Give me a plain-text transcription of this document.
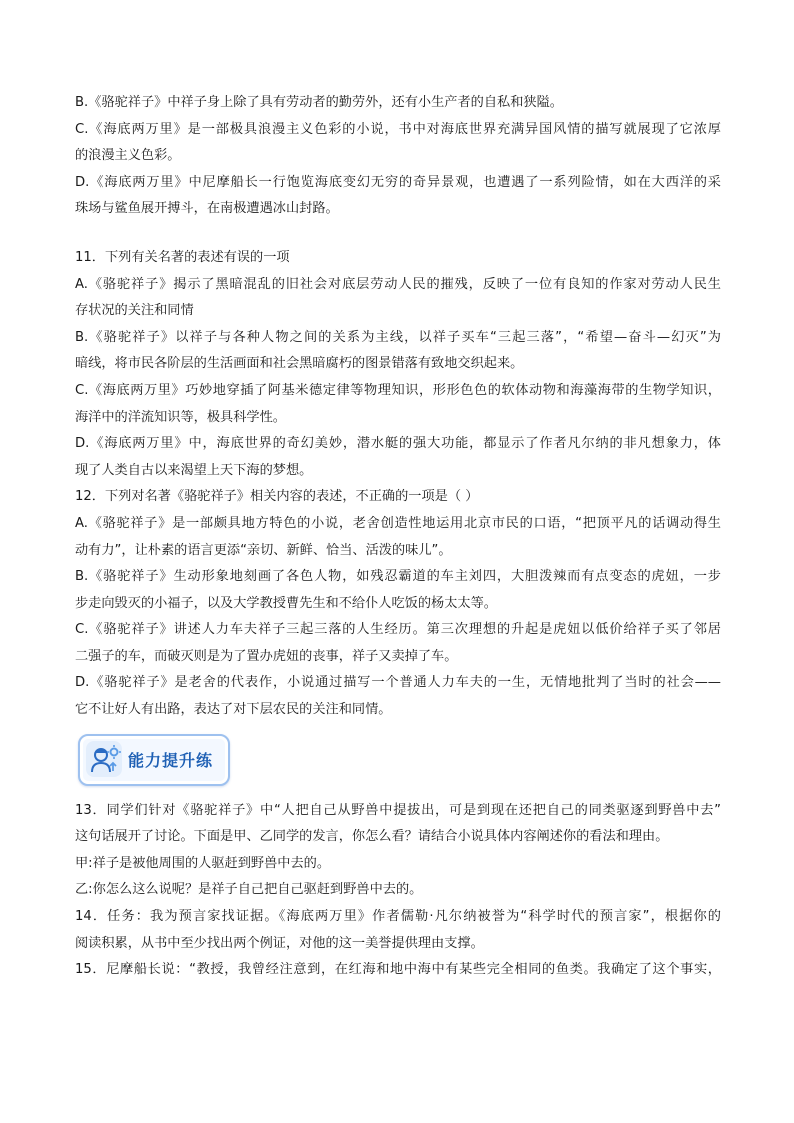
B.《骆驼祥子》中祥子身上除了具有劳动者的勤劳外，还有小生产者的自私和狭隘。
C.《海底两万里》是一部极具浪漫主义色彩的小说，书中对海底世界充满异国风情的描写就展现了它浓厚
的浪漫主义色彩。
D.《海底两万里》中尼摩船长一行饱览海底变幻无穷的奇异景观，也遭遇了一系列险情，如在大西洋的采
珠场与鲨鱼展开搏斗，在南极遭遇冰山封路。
11．下列有关名著的表述有误的一项
A.《骆驼祥子》揭示了黑暗混乱的旧社会对底层劳动人民的摧残，反映了一位有良知的作家对劳动人民生
存状况的关注和同情
B.《骆驼祥子》以祥子与各种人物之间的关系为主线，以祥子买车“三起三落”，“希望—奋斗—幻灭”为
暗线，将市民各阶层的生活画面和社会黑暗腐朽的图景错落有致地交织起来。
C.《海底两万里》巧妙地穿插了阿基米德定律等物理知识，形形色色的软体动物和海藻海带的生物学知识，
海洋中的洋流知识等，极具科学性。
D.《海底两万里》中，海底世界的奇幻美妙，潜水艇的强大功能，都显示了作者凡尔纳的非凡想象力，体
现了人类自古以来渴望上天下海的梦想。
12．下列对名著《骆驼祥子》相关内容的表述，不正确的一项是（ ）
A.《骆驼祥子》是一部颇具地方特色的小说，老舍创造性地运用北京市民的口语，“把顶平凡的话调动得生
动有力”，让朴素的语言更添“亲切、新鲜、恰当、活泼的味儿”。
B.《骆驼祥子》生动形象地刻画了各色人物，如残忍霸道的车主刘四，大胆泼辣而有点变态的虎妞，一步
步走向毁灭的小福子，以及大学教授曹先生和不给仆人吃饭的杨太太等。
C.《骆驼祥子》讲述人力车夫祥子三起三落的人生经历。第三次理想的升起是虎妞以低价给祥子买了邻居
二强子的车，而破灭则是为了置办虎妞的丧事，祥子又卖掉了车。
D.《骆驼祥子》是老舍的代表作，小说通过描写一个普通人力车夫的一生，无情地批判了当时的社会——
它不让好人有出路，表达了对下层农民的关注和同情。
能力提升练
13．同学们针对《骆驼祥子》中“人把自己从野兽中提拔出，可是到现在还把自己的同类驱逐到野兽中去”
这句话展开了讨论。下面是甲、乙同学的发言，你怎么看？请结合小说具体内容阐述你的看法和理由。
甲:祥子是被他周围的人驱赶到野兽中去的。
乙:你怎么这么说呢？是祥子自己把自己驱赶到野兽中去的。
14．任务：我为预言家找证据。《海底两万里》作者儒勒·凡尔纳被誉为“科学时代的预言家”，根据你的
阅读积累，从书中至少找出两个例证，对他的这一美誉提供理由支撑。
15．尼摩船长说：“教授，我曾经注意到，在红海和地中海中有某些完全相同的鱼类。我确定了这个事实，
